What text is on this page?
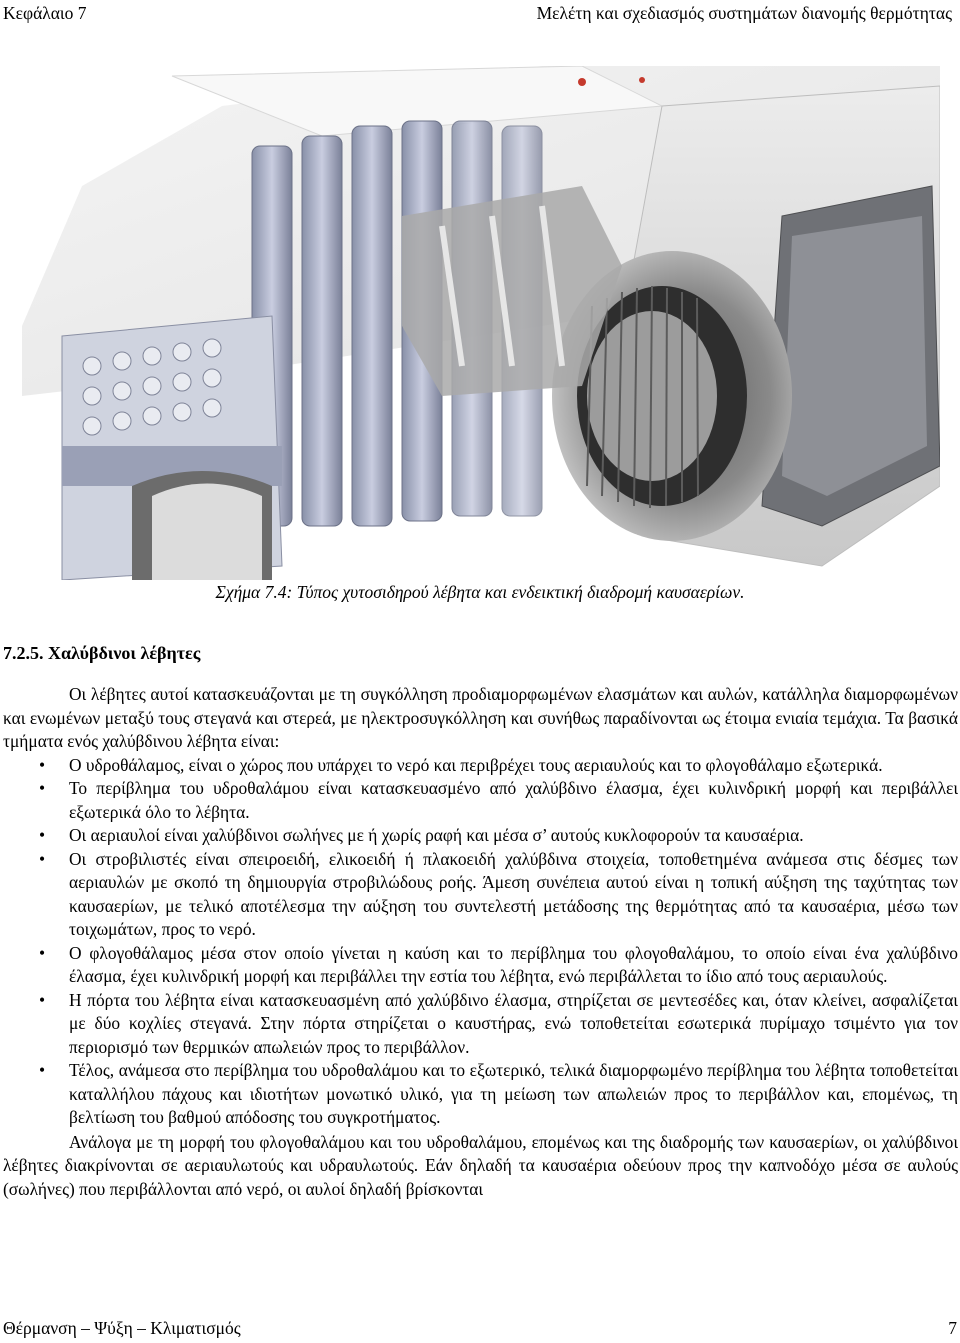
Κεφάλαιο 7	Μελέτη και σχεδιασμός συστημάτων διανομής θερμότητας
Σχήμα 7.4: Τύπος χυτοσιδηρού λέβητα και ενδεικτική διαδρομή καυσαερίων.
7.2.5. Χαλύβδινοι λέβητες

Οι λέβητες αυτοί κατασκευάζονται με τη συγκόλληση προδιαμορφωμένων ελασμάτων και αυλών, κατάλληλα διαμορφωμένων και ενωμένων μεταξύ τους στεγανά και στερεά, με ηλεκτροσυγκόλληση και συνήθως παραδίνονται ως έτοιμα ενιαία τεμάχια. Τα βασικά τμήματα ενός χαλύβδινου λέβητα είναι:

• Ο υδροθάλαμος, είναι ο χώρος που υπάρχει το νερό και περιβρέχει τους αεριαυλούς και το φλογοθάλαμο εξωτερικά.
• Το περίβλημα του υδροθαλάμου είναι κατασκευασμένο από χαλύβδινο έλασμα, έχει κυλινδρική μορφή και περιβάλλει εξωτερικά όλο το λέβητα.
• Οι αεριαυλοί είναι χαλύβδινοι σωλήνες με ή χωρίς ραφή και μέσα σ’ αυτούς κυκλοφορούν τα καυσαέρια.
• Οι στροβιλιστές είναι σπειροειδή, ελικοειδή ή πλακοειδή χαλύβδινα στοιχεία, τοποθετημένα ανάμεσα στις δέσμες των αεριαυλών με σκοπό τη δημιουργία στροβιλώδους ροής. Άμεση συνέπεια αυτού είναι η τοπική αύξηση της ταχύτητας των καυσαερίων, με τελικό αποτέλεσμα την αύξηση του συντελεστή μετάδοσης της θερμότητας από τα καυσαέρια, μέσω των τοιχωμάτων, προς το νερό.
• Ο φλογοθάλαμος μέσα στον οποίο γίνεται η καύση και το περίβλημα του φλογοθαλάμου, το οποίο είναι ένα χαλύβδινο έλασμα, έχει κυλινδρική μορφή και περιβάλλει την εστία του λέβητα, ενώ περιβάλλεται το ίδιο από τους αεριαυλούς.
• Η πόρτα του λέβητα είναι κατασκευασμένη από χαλύβδινο έλασμα, στηρίζεται σε μεντεσέδες και, όταν κλείνει, ασφαλίζεται με δύο κοχλίες στεγανά. Στην πόρτα στηρίζεται ο καυστήρας, ενώ τοποθετείται εσωτερικά πυρίμαχο τσιμέντο για τον περιορισμό των θερμικών απωλειών προς το περιβάλλον.
• Τέλος, ανάμεσα στο περίβλημα του υδροθαλάμου και το εξωτερικό, τελικά διαμορφωμένο περίβλημα του λέβητα τοποθετείται καταλλήλου πάχους και ιδιοτήτων μονωτικό υλικό, για τη μείωση των απωλειών προς το περιβάλλον και, επομένως, τη βελτίωση του βαθμού απόδοσης του συγκροτήματος.

Ανάλογα με τη μορφή του φλογοθαλάμου και του υδροθαλάμου, επομένως και της διαδρομής των καυσαερίων, οι χαλύβδινοι λέβητες διακρίνονται σε αεριαυλωτούς και υδραυλωτούς. Εάν δηλαδή τα καυσαέρια οδεύουν προς την καπνοδόχο μέσα σε αυλούς (σωλήνες) που περιβάλλονται από νερό, οι αυλοί δηλαδή βρίσκονται

Θέρμανση – Ψύξη – Κλιματισμός	7
